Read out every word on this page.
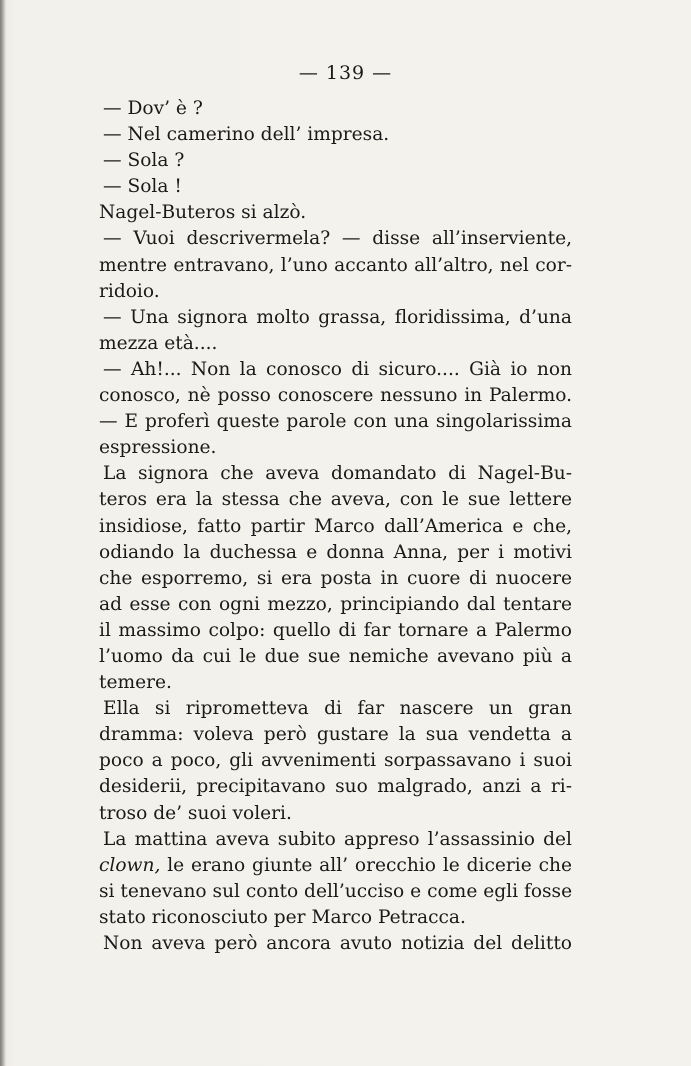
— 139 —
— Dov’ è ?
— Nel camerino dell’ impresa.
— Sola ?
— Sola !
Nagel-Buteros si alzò.
— Vuoi descrivermela? — disse all’inserviente,
mentre entravano, l’uno accanto all’altro, nel cor-
ridoio.
— Una signora molto grassa, floridissima, d’una
mezza età....
— Ah!... Non la conosco di sicuro.... Già io non
conosco, nè posso conoscere nessuno in Palermo.
— E proferì queste parole con una singolarissima
espressione.
La signora che aveva domandato di Nagel-Bu-
teros era la stessa che aveva, con le sue lettere
insidiose, fatto partir Marco dall’America e che,
odiando la duchessa e donna Anna, per i motivi
che esporremo, si era posta in cuore di nuocere
ad esse con ogni mezzo, principiando dal tentare
il massimo colpo: quello di far tornare a Palermo
l’uomo da cui le due sue nemiche avevano più a
temere.
Ella si riprometteva di far nascere un gran
dramma: voleva però gustare la sua vendetta a
poco a poco, gli avvenimenti sorpassavano i suoi
desiderii, precipitavano suo malgrado, anzi a ri-
troso de’ suoi voleri.
La mattina aveva subito appreso l’assassinio del
clown, le erano giunte all’ orecchio le dicerie che
si tenevano sul conto dell’ucciso e come egli fosse
stato riconosciuto per Marco Petracca.
Non aveva però ancora avuto notizia del delitto
